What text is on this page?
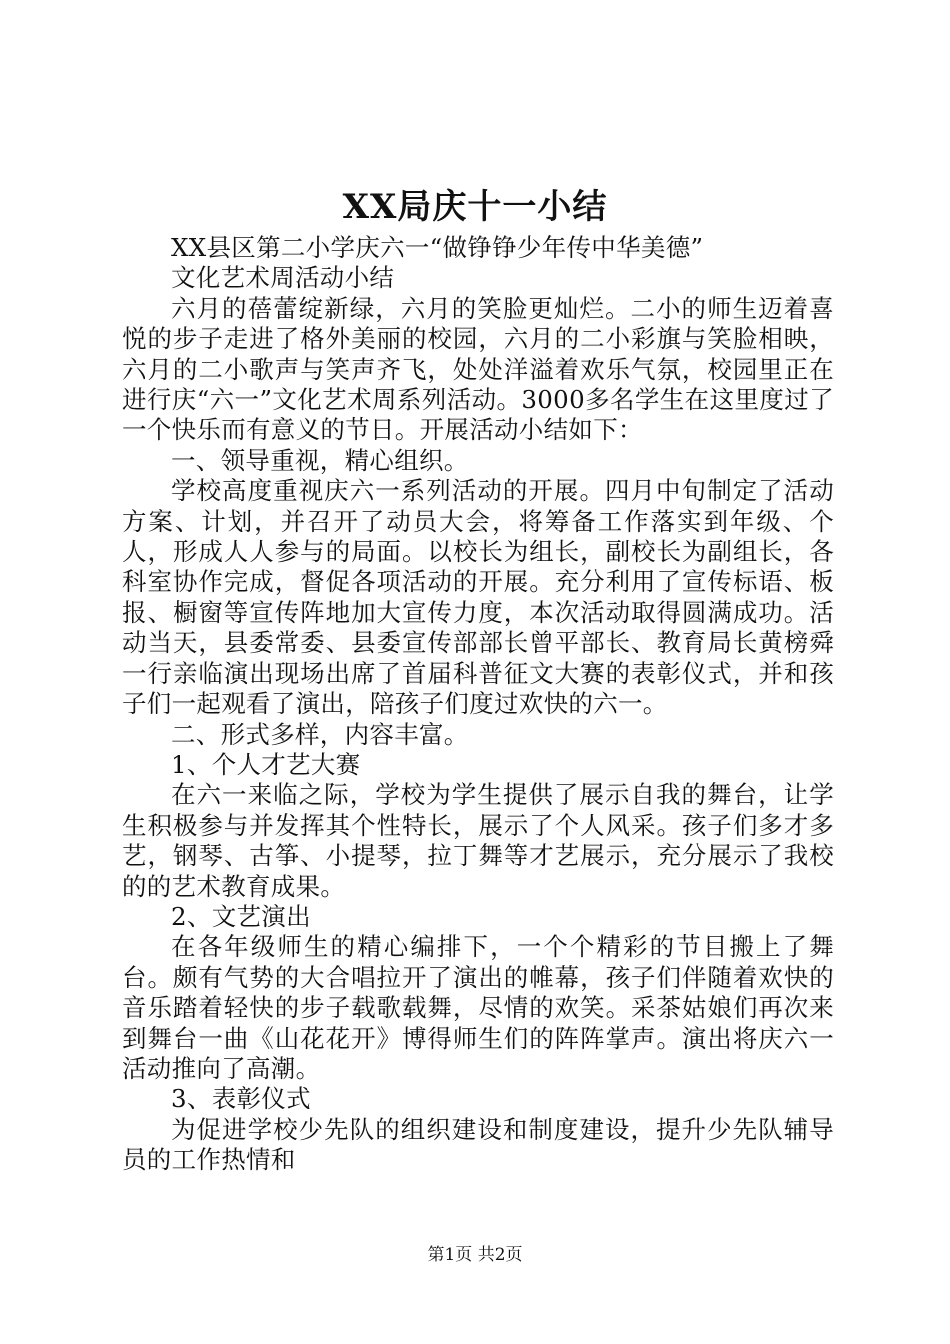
XX局庆十一小结

XX县区第二小学庆六一“做铮铮少年传中华美德”

文化艺术周活动小结

六月的蓓蕾绽新绿，六月的笑脸更灿烂。二小的师生迈着喜悦的步子走进了格外美丽的校园，六月的二小彩旗与笑脸相映，六月的二小歌声与笑声齐飞，处处洋溢着欢乐气氛，校园里正在进行庆“六一”文化艺术周系列活动。3000多名学生在这里度过了一个快乐而有意义的节日。开展活动小结如下：

一、领导重视，精心组织。

学校高度重视庆六一系列活动的开展。四月中旬制定了活动方案、计划，并召开了动员大会，将筹备工作落实到年级、个人，形成人人参与的局面。以校长为组长，副校长为副组长，各科室协作完成，督促各项活动的开展。充分利用了宣传标语、板报、橱窗等宣传阵地加大宣传力度，本次活动取得圆满成功。活动当天，县委常委、县委宣传部部长曾平部长、教育局长黄榜舜一行亲临演出现场出席了首届科普征文大赛的表彰仪式，并和孩子们一起观看了演出，陪孩子们度过欢快的六一。

二、形式多样，内容丰富。

1、个人才艺大赛

在六一来临之际，学校为学生提供了展示自我的舞台，让学生积极参与并发挥其个性特长，展示了个人风采。孩子们多才多艺，钢琴、古筝、小提琴，拉丁舞等才艺展示，充分展示了我校的的艺术教育成果。

2、文艺演出

在各年级师生的精心编排下，一个个精彩的节目搬上了舞台。颇有气势的大合唱拉开了演出的帷幕，孩子们伴随着欢快的音乐踏着轻快的步子载歌载舞，尽情的欢笑。采茶姑娘们再次来到舞台一曲《山花花开》博得师生们的阵阵掌声。演出将庆六一活动推向了高潮。

3、表彰仪式

为促进学校少先队的组织建设和制度建设，提升少先队辅导员的工作热情和

第1页 共2页
